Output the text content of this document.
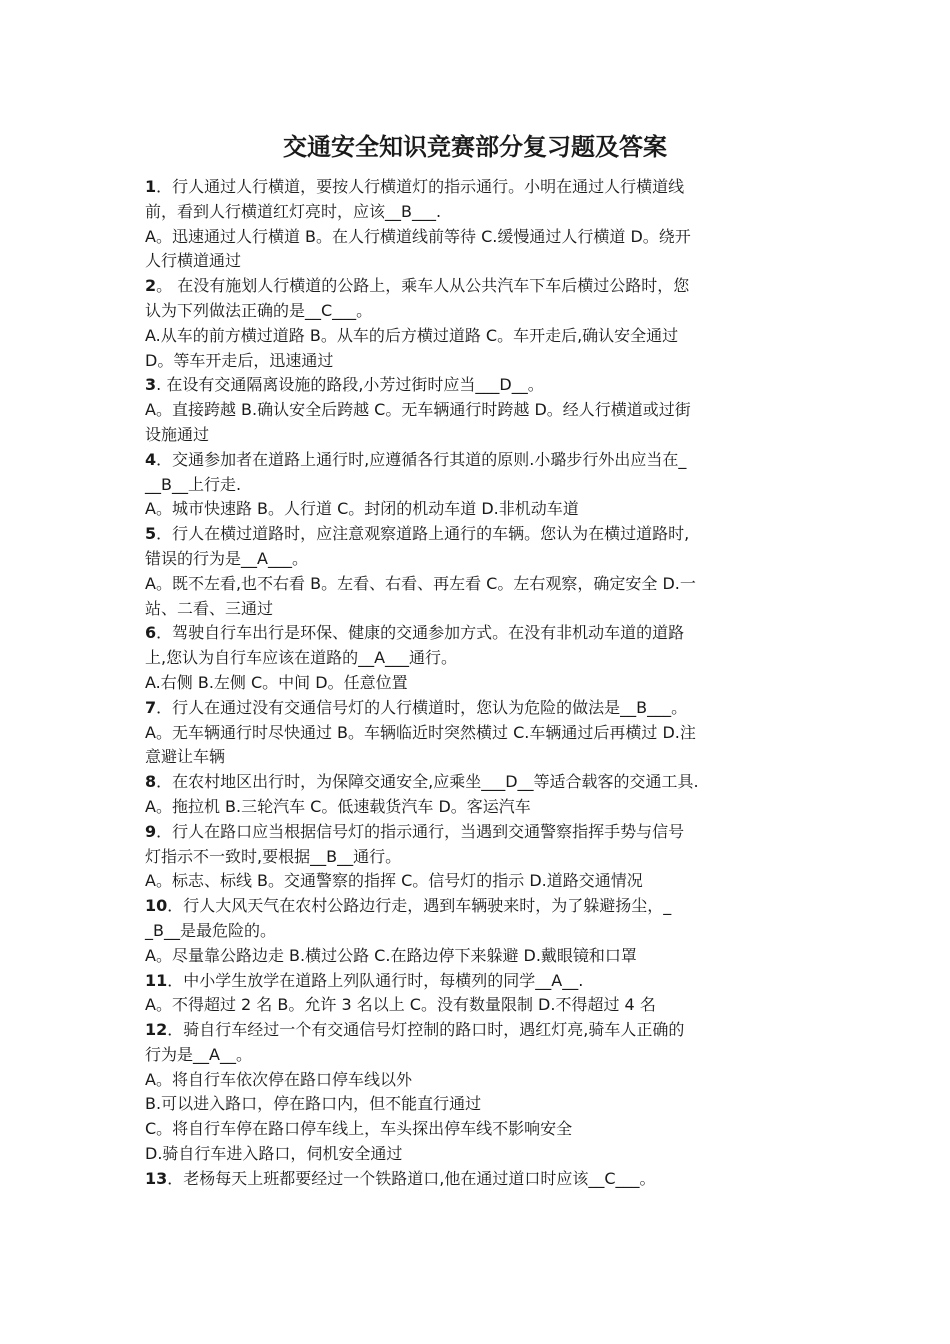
交通安全知识竞赛部分复习题及答案
1．行人通过人行横道，要按人行横道灯的指示通行。小明在通过人行横道线
前，看到人行横道红灯亮时，应该__B___.
A。迅速通过人行横道 B。在人行横道线前等待 C.缓慢通过人行横道 D。绕开
人行横道通过
2。 在没有施划人行横道的公路上，乘车人从公共汽车下车后横过公路时，您
认为下列做法正确的是__C___。
A.从车的前方横过道路 B。从车的后方横过道路 C。车开走后,确认安全通过
D。等车开走后，迅速通过
3. 在设有交通隔离设施的路段,小芳过街时应当___D__。
A。直接跨越 B.确认安全后跨越 C。无车辆通行时跨越 D。经人行横道或过街
设施通过
4．交通参加者在道路上通行时,应遵循各行其道的原则.小璐步行外出应当在_
__B__上行走.
A。城市快速路 B。人行道 C。封闭的机动车道 D.非机动车道
5．行人在横过道路时，应注意观察道路上通行的车辆。您认为在横过道路时,
错误的行为是__A___。
A。既不左看,也不右看 B。左看、右看、再左看 C。左右观察，确定安全 D.一
站、二看、三通过
6．驾驶自行车出行是环保、健康的交通参加方式。在没有非机动车道的道路
上,您认为自行车应该在道路的__A___通行。
A.右侧 B.左侧 C。中间 D。任意位置
7．行人在通过没有交通信号灯的人行横道时，您认为危险的做法是__B___。
A。无车辆通行时尽快通过 B。车辆临近时突然横过 C.车辆通过后再横过 D.注
意避让车辆
8．在农村地区出行时，为保障交通安全,应乘坐___D__等适合载客的交通工具.
A。拖拉机 B.三轮汽车 C。低速载货汽车 D。客运汽车
9．行人在路口应当根据信号灯的指示通行，当遇到交通警察指挥手势与信号
灯指示不一致时,要根据__B__通行。
A。标志、标线 B。交通警察的指挥 C。信号灯的指示 D.道路交通情况
10．行人大风天气在农村公路边行走，遇到车辆驶来时，为了躲避扬尘，_
_B__是最危险的。
A。尽量靠公路边走 B.横过公路 C.在路边停下来躲避 D.戴眼镜和口罩
11．中小学生放学在道路上列队通行时，每横列的同学__A__.
A。不得超过 2 名 B。允许 3 名以上 C。没有数量限制 D.不得超过 4 名
12．骑自行车经过一个有交通信号灯控制的路口时，遇红灯亮,骑车人正确的
行为是__A__。
A。将自行车依次停在路口停车线以外
B.可以进入路口，停在路口内，但不能直行通过
C。将自行车停在路口停车线上，车头探出停车线不影响安全
D.骑自行车进入路口，伺机安全通过
13．老杨每天上班都要经过一个铁路道口,他在通过道口时应该__C___。
